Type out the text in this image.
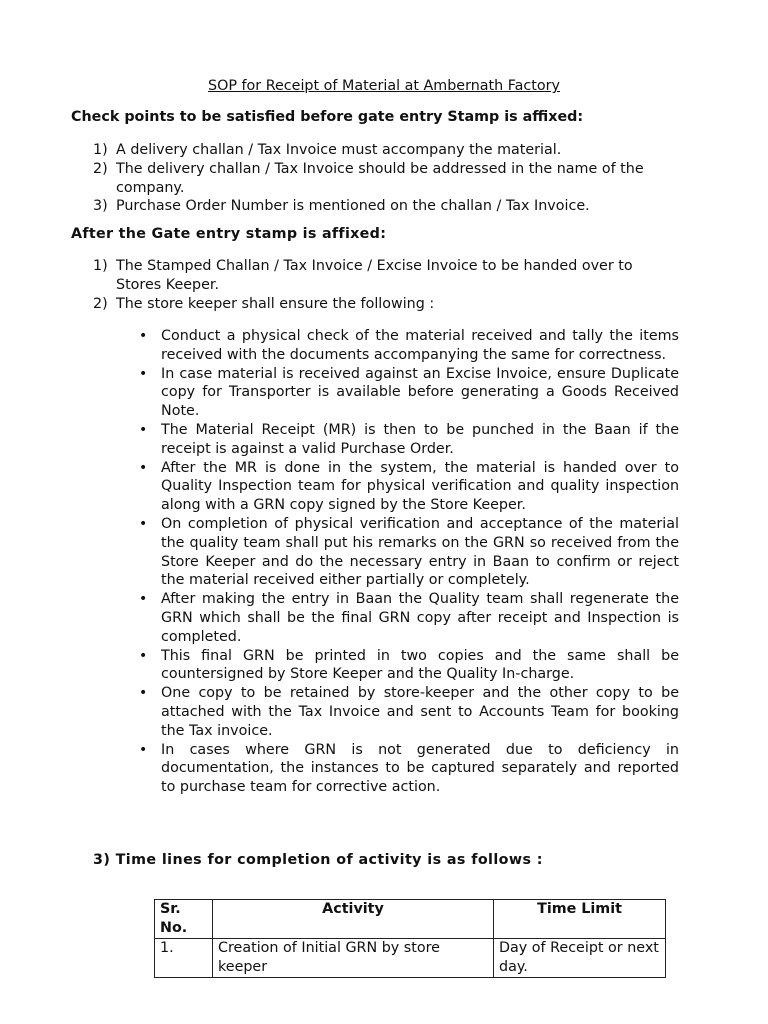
SOP for Receipt of Material at Ambernath Factory
Check points to be satisfied before gate entry Stamp is affixed:
1) A delivery challan / Tax Invoice must accompany the material.
2) The delivery challan / Tax Invoice should be addressed in the name of the company.
3) Purchase Order Number is mentioned on the challan / Tax Invoice.
After the Gate entry stamp is affixed:
1) The Stamped Challan / Tax Invoice / Excise Invoice to be handed over to Stores Keeper.
2) The store keeper shall ensure the following :
• Conduct a physical check of the material received and tally the items received with the documents accompanying the same for correctness.
• In case material is received against an Excise Invoice, ensure Duplicate copy for Transporter is available before generating a Goods Received Note.
• The Material Receipt (MR) is then to be punched in the Baan if the receipt is against a valid Purchase Order.
• After the MR is done in the system, the material is handed over to Quality Inspection team for physical verification and quality inspection along with a GRN copy signed by the Store Keeper.
• On completion of physical verification and acceptance of the material the quality team shall put his remarks on the GRN so received from the Store Keeper and do the necessary entry in Baan to confirm or reject the material received either partially or completely.
• After making the entry in Baan the Quality team shall regenerate the GRN which shall be the final GRN copy after receipt and Inspection is completed.
• This final GRN be printed in two copies and the same shall be countersigned by Store Keeper and the Quality In-charge.
• One copy to be retained by store-keeper and the other copy to be attached with the Tax Invoice and sent to Accounts Team for booking the Tax invoice.
• In cases where GRN is not generated due to deficiency in documentation, the instances to be captured separately and reported to purchase team for corrective action.
3) Time lines for completion of activity is as follows :
Sr. No.	Activity	Time Limit
1.	Creation of Initial GRN by store keeper	Day of Receipt or next day.
